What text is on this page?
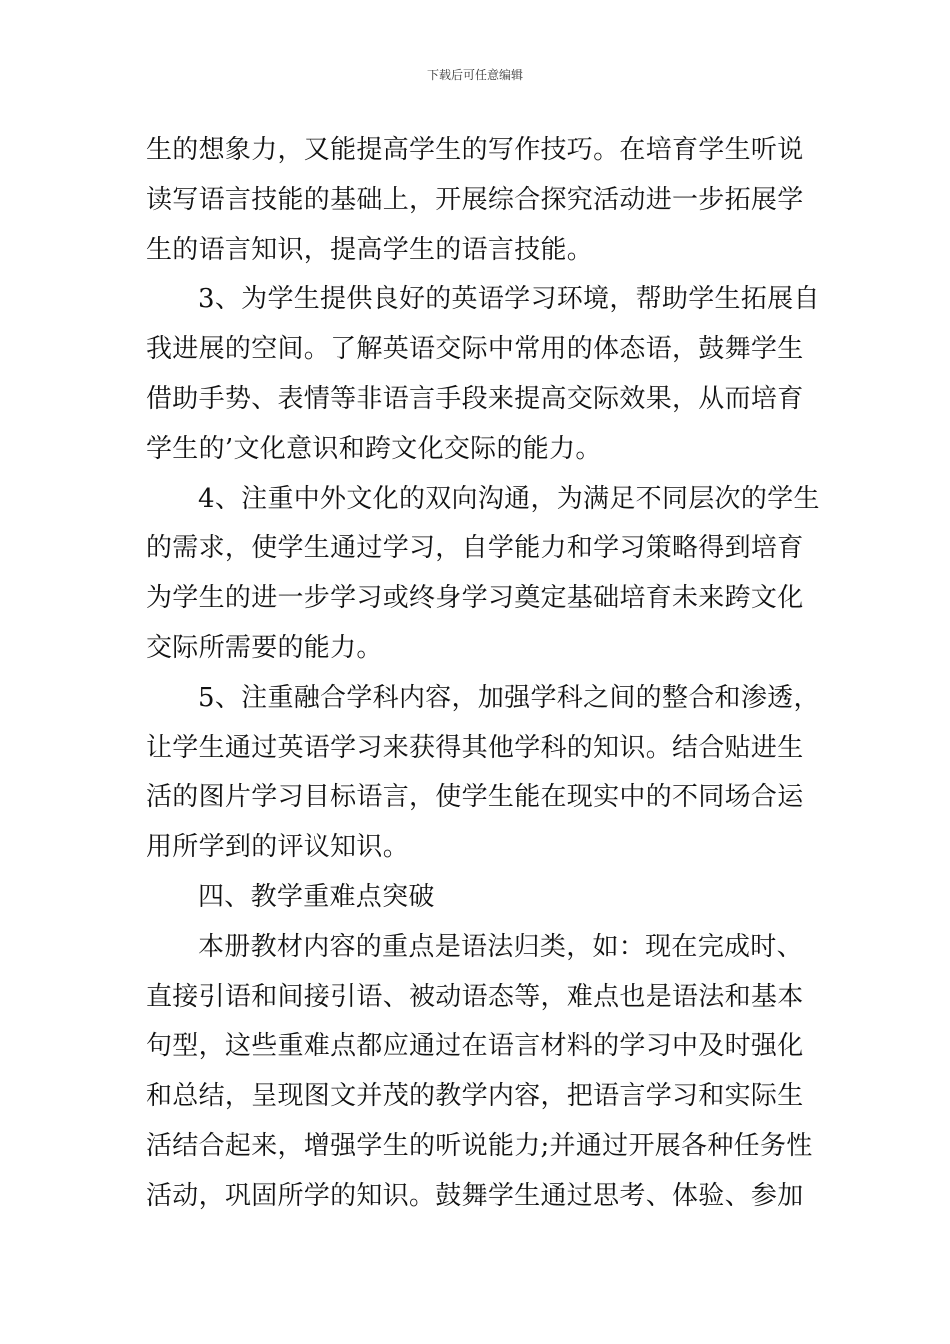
下载后可任意编辑
生的想象力，又能提高学生的写作技巧。在培育学生听说
读写语言技能的基础上，开展综合探究活动进一步拓展学
生的语言知识，提高学生的语言技能。
3、为学生提供良好的英语学习环境，帮助学生拓展自
我进展的空间。了解英语交际中常用的体态语，鼓舞学生
借助手势、表情等非语言手段来提高交际效果，从而培育
学生的’文化意识和跨文化交际的能力。
4、注重中外文化的双向沟通，为满足不同层次的学生
的需求，使学生通过学习，自学能力和学习策略得到培育
为学生的进一步学习或终身学习奠定基础培育未来跨文化
交际所需要的能力。
5、注重融合学科内容，加强学科之间的整合和渗透，
让学生通过英语学习来获得其他学科的知识。结合贴进生
活的图片学习目标语言，使学生能在现实中的不同场合运
用所学到的评议知识。
四、教学重难点突破
本册教材内容的重点是语法归类，如：现在完成时、
直接引语和间接引语、被动语态等，难点也是语法和基本
句型，这些重难点都应通过在语言材料的学习中及时强化
和总结，呈现图文并茂的教学内容，把语言学习和实际生
活结合起来，增强学生的听说能力;并通过开展各种任务性
活动，巩固所学的知识。鼓舞学生通过思考、体验、参加
